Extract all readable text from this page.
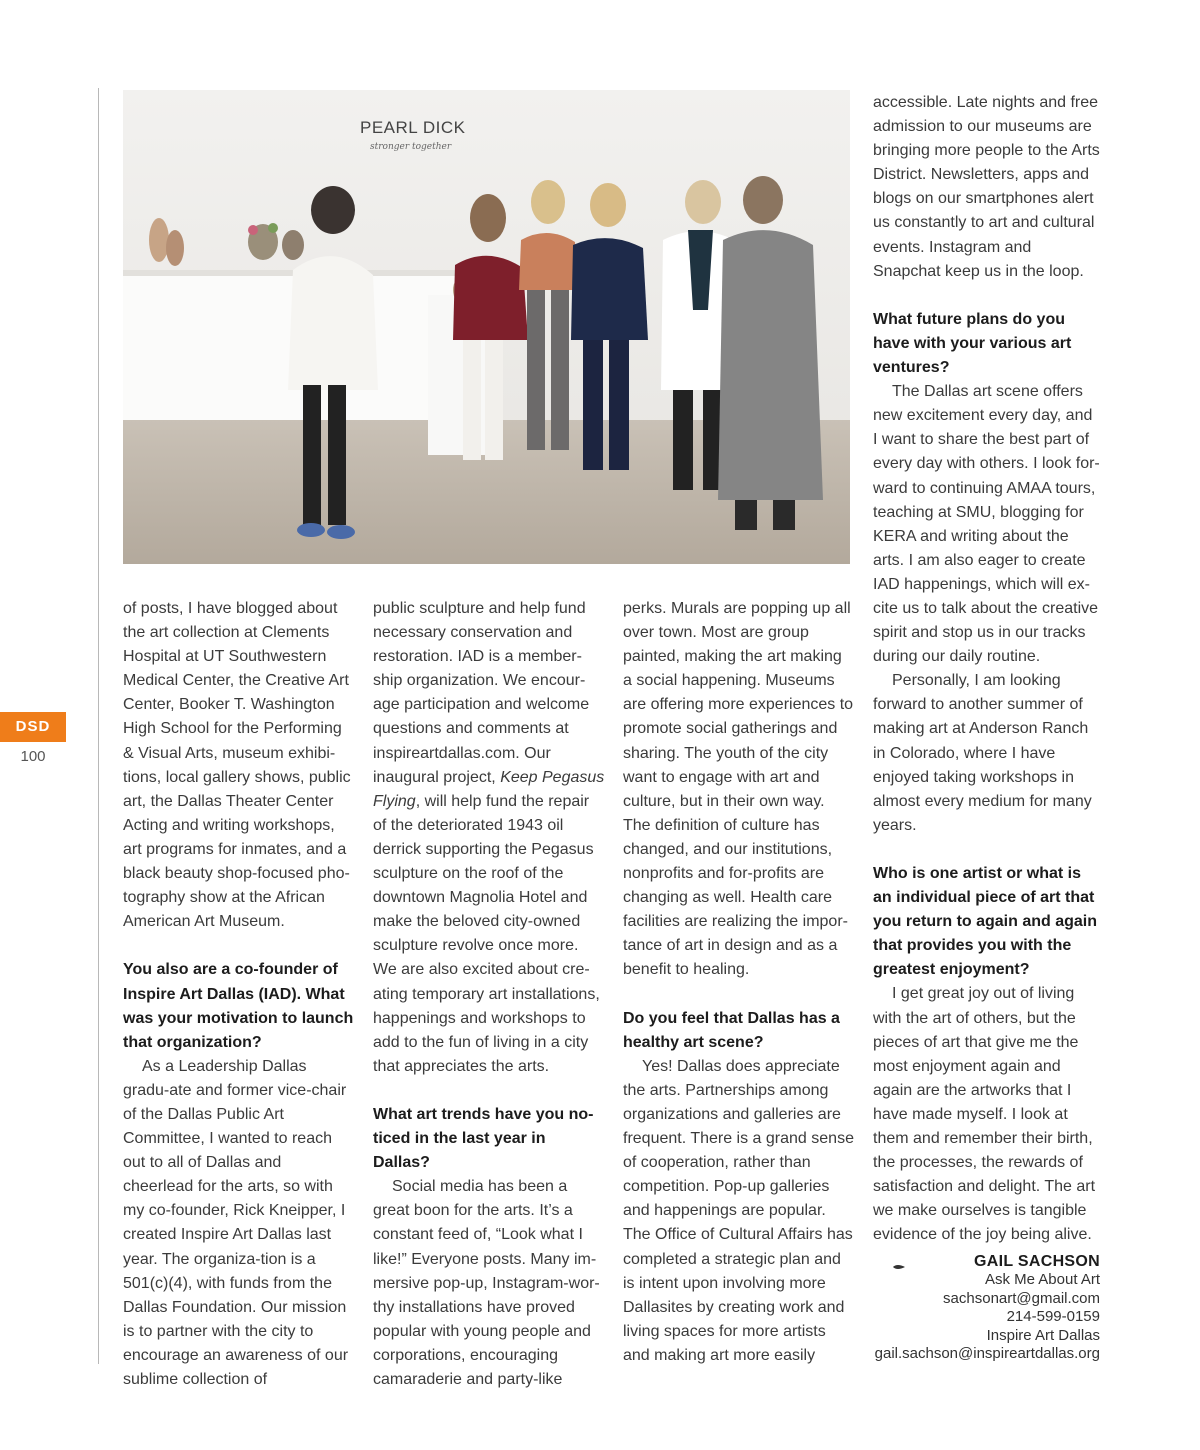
DSD
100
PEARL DICK
stronger together

of posts, I have blogged about the art collection at Clements Hospital at UT Southwestern Medical Center, the Creative Art Center, Booker T. Washington High School for the Performing & Visual Arts, museum exhibi-tions, local gallery shows, public art, the Dallas Theater Center Acting and writing workshops, art programs for inmates, and a black beauty shop-focused pho-tography show at the African American Art Museum.

You also are a co-founder of Inspire Art Dallas (IAD). What was your motivation to launch that organization?

As a Leadership Dallas gradu-ate and former vice-chair of the Dallas Public Art Committee, I wanted to reach out to all of Dallas and cheerlead for the arts, so with my co-founder, Rick Kneipper, I created Inspire Art Dallas last year. The organiza-tion is a 501(c)(4), with funds from the Dallas Foundation. Our mission is to partner with the city to encourage an awareness of our sublime collection of

public sculpture and help fund necessary conservation and restoration. IAD is a member-ship organization. We encour-age participation and welcome questions and comments at inspireartdallas.com. Our inaugural project, Keep Pegasus Flying, will help fund the repair of the deteriorated 1943 oil derrick supporting the Pegasus sculpture on the roof of the downtown Magnolia Hotel and make the beloved city-owned sculpture revolve once more. We are also excited about cre-ating temporary art installations, happenings and workshops to add to the fun of living in a city that appreciates the arts.

What art trends have you no-ticed in the last year in Dallas?

Social media has been a great boon for the arts. It’s a constant feed of, “Look what I like!” Everyone posts. Many im-mersive pop-up, Instagram-wor-thy installations have proved popular with young people and corporations, encouraging camaraderie and party-like

perks. Murals are popping up all over town. Most are group painted, making the art making a social happening. Museums are offering more experiences to promote social gatherings and sharing. The youth of the city want to engage with art and culture, but in their own way. The definition of culture has changed, and our institutions, nonprofits and for-profits are changing as well. Health care facilities are realizing the impor-tance of art in design and as a benefit to healing.

Do you feel that Dallas has a healthy art scene?

Yes! Dallas does appreciate the arts. Partnerships among organizations and galleries are frequent. There is a grand sense of cooperation, rather than competition. Pop-up galleries and happenings are popular. The Office of Cultural Affairs has completed a strategic plan and is intent upon involving more Dallasites by creating work and living spaces for more artists and making art more easily

accessible. Late nights and free admission to our museums are bringing more people to the Arts District. Newsletters, apps and blogs on our smartphones alert us constantly to art and cultural events. Instagram and Snapchat keep us in the loop.

What future plans do you have with your various art ventures?

The Dallas art scene offers new excitement every day, and I want to share the best part of every day with others. I look for-ward to continuing AMAA tours, teaching at SMU, blogging for KERA and writing about the arts. I am also eager to create IAD happenings, which will ex-cite us to talk about the creative spirit and stop us in our tracks during our daily routine.

Personally, I am looking forward to another summer of making art at Anderson Ranch in Colorado, where I have enjoyed taking workshops in almost every medium for many years.

Who is one artist or what is an individual piece of art that you return to again and again that provides you with the greatest enjoyment?

I get great joy out of living with the art of others, but the pieces of art that give me the most enjoyment again and again are the artworks that I have made myself. I look at them and remember their birth, the processes, the rewards of satisfaction and delight. The art we make ourselves is tangible evidence of the joy being alive.

GAIL SACHSON
Ask Me About Art
sachsonart@gmail.com
214-599-0159
Inspire Art Dallas
gail.sachson@inspireartdallas.org
